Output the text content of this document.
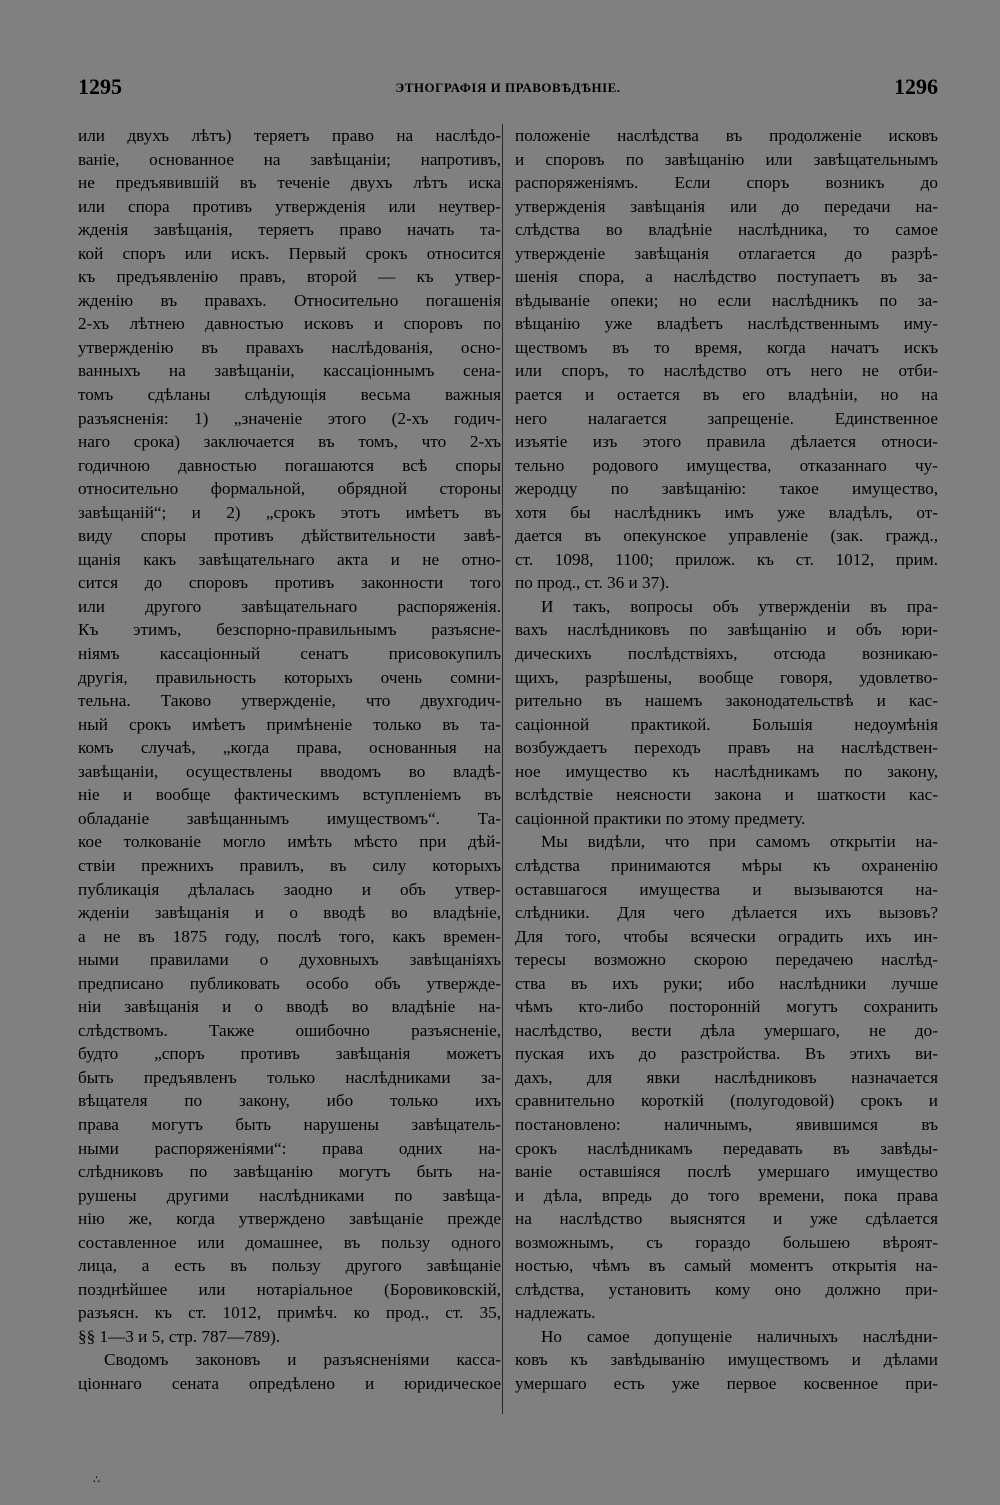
1295	ЭТНОГРАФІЯ И ПРАВОВѢДѢНІЕ.	1296
или двухъ лѣтъ) теряетъ право на наслѣдо-
ваніе, основанное на завѣщаніи; напротивъ,
не предъявившій въ теченіе двухъ лѣтъ иска
или спора противъ утвержденія или неутвер-
жденія завѣщанія, теряетъ право начать та-
кой споръ или искъ. Первый срокъ относится
къ предъявленію правъ, второй — къ утвер-
жденію въ правахъ. Относительно погашенія
2-хъ лѣтнею давностью исковъ и споровъ по
утвержденію въ правахъ наслѣдованія, осно-
ванныхъ на завѣщаніи, кассаціоннымъ сена-
томъ сдѣланы слѣдующія весьма важныя
разъясненія: 1) „значеніе этого (2-хъ годич-
наго срока) заключается въ томъ, что 2-хъ
годичною давностью погашаются всѣ споры
относительно формальной, обрядной стороны
завѣщаній“; и 2) „срокъ этотъ имѣетъ въ
виду споры противъ дѣйствительности завѣ-
щанія какъ завѣщательнаго акта и не отно-
сится до споровъ противъ законности того
или другого завѣщательнаго распоряженія.
Къ этимъ, безспорно-правильнымъ разъясне-
ніямъ кассаціонный сенатъ присовокупилъ
другія, правильность которыхъ очень сомни-
тельна. Таково утвержденіе, что двухгодич-
ный срокъ имѣетъ примѣненіе только въ та-
комъ случаѣ, „когда права, основанныя на
завѣщаніи, осуществлены вводомъ во владѣ-
ніе и вообще фактическимъ вступленіемъ въ
обладаніе завѣщаннымъ имуществомъ“. Та-
кое толкованіе могло имѣть мѣсто при дѣй-
ствіи прежнихъ правилъ, въ силу которыхъ
публикація дѣлалась заодно и объ утвер-
жденіи завѣщанія и о вводѣ во владѣніе,
а не въ 1875 году, послѣ того, какъ времен-
ными правилами о духовныхъ завѣщаніяхъ
предписано публиковать особо объ утвержде-
ніи завѣщанія и о вводѣ во владѣніе на-
слѣдствомъ. Также ошибочно разъясненіе,
будто „споръ противъ завѣщанія можетъ
быть предъявленъ только наслѣдниками за-
вѣщателя по закону, ибо только ихъ
права могутъ быть нарушены завѣщатель-
ными распоряженіями“: права одних на-
слѣдниковъ по завѣщанію могутъ быть на-
рушены другими наслѣдниками по завѣща-
нію же, когда утверждено завѣщаніе прежде
составленное или домашнее, въ пользу одного
лица, а есть въ пользу другого завѣщаніе
позднѣйшее или нотаріальное (Боровиковскій,
разъясн. къ ст. 1012, примѣч. ко прод., ст. 35,
§§ 1—3 и 5, стр. 787—789).
Сводомъ законовъ и разъясненіями касса-
ціоннаго сената опредѣлено и юридическое
положеніе наслѣдства въ продолженіе исковъ
и споровъ по завѣщанію или завѣщательнымъ
распоряженіямъ. Если споръ возникъ до
утвержденія завѣщанія или до передачи на-
слѣдства во владѣніе наслѣдника, то самое
утвержденіе завѣщанія отлагается до разрѣ-
шенія спора, а наслѣдство поступаетъ въ за-
вѣдываніе опеки; но если наслѣдникъ по за-
вѣщанію уже владѣетъ наслѣдственнымъ иму-
ществомъ въ то время, когда начатъ искъ
или споръ, то наслѣдство отъ него не отби-
рается и остается въ его владѣніи, но на
него налагается запрещеніе. Единственное
изъятіе изъ этого правила дѣлается относи-
тельно родового имущества, отказаннаго чу-
жеродцу по завѣщанію: такое имущество,
хотя бы наслѣдникъ имъ уже владѣлъ, от-
дается въ опекунское управленіе (зак. гражд.,
ст. 1098, 1100; прилож. къ ст. 1012, прим.
по прод., ст. 36 и 37).
И такъ, вопросы объ утвержденіи въ пра-
вахъ наслѣдниковъ по завѣщанію и объ юри-
дическихъ послѣдствіяхъ, отсюда возникаю-
щихъ, разрѣшены, вообще говоря, удовлетво-
рительно въ нашемъ законодательствѣ и кас-
саціонной практикой. Большія недоумѣнія
возбуждаетъ переходъ правъ на наслѣдствен-
ное имущество къ наслѣдникамъ по закону,
вслѣдствіе неясности закона и шаткости кас-
саціонной практики по этому предмету.
Мы видѣли, что при самомъ открытіи на-
слѣдства принимаются мѣры къ охраненію
оставшагося имущества и вызываются на-
слѣдники. Для чего дѣлается ихъ вызовъ?
Для того, чтобы всячески оградить ихъ ин-
тересы возможно скорою передачею наслѣд-
ства въ ихъ руки; ибо наслѣдники лучше
чѣмъ кто-либо посторонній могутъ сохранить
наслѣдство, вести дѣла умершаго, не до-
пуская ихъ до разстройства. Въ этихъ ви-
дахъ, для явки наслѣдниковъ назначается
сравнительно короткій (полугодовой) срокъ и
постановлено: наличнымъ, явившимся въ
срокъ наслѣдникамъ передавать въ завѣды-
ваніе оставшіяся послѣ умершаго имущество
и дѣла, впредь до того времени, пока права
на наслѣдство выяснятся и уже сдѣлается
возможнымъ, съ гораздо большею вѣроят-
ностью, чѣмъ въ самый моментъ открытія на-
слѣдства, установить кому оно должно при-
надлежать.
Но самое допущеніе наличныхъ наслѣдни-
ковъ къ завѣдыванію имуществомъ и дѣлами
умершаго есть уже первое косвенное при-
∴
